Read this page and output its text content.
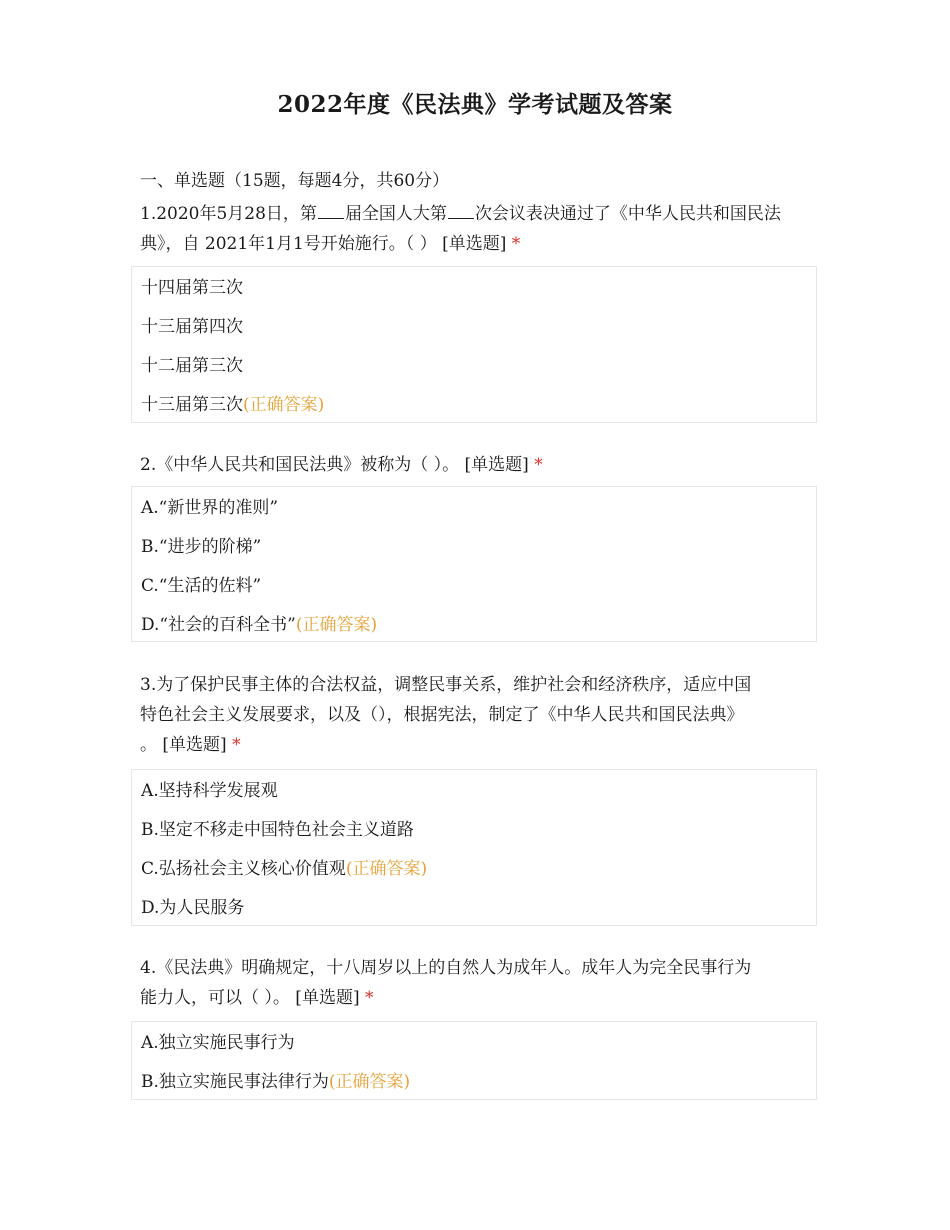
2022年度《民法典》学考试题及答案
一、单选题（15题，每题4分，共60分）
1.2020年5月28日，第 届全国人大第 次会议表决通过了《中华人民共和国民法典》，自 2021年1月1号开始施行。（ ） [单选题] *
十四届第三次
十三届第四次
十二届第三次
十三届第三次(正确答案)
2.《中华人民共和国民法典》被称为（ ）。 [单选题] *
A.“新世界的准则”
B.“进步的阶梯”
C.“生活的佐料”
D.“社会的百科全书”(正确答案)
3.为了保护民事主体的合法权益，调整民事关系，维护社会和经济秩序，适应中国
特色社会主义发展要求，以及（），根据宪法，制定了《中华人民共和国民法典》
。 [单选题] *
A.坚持科学发展观
B.坚定不移走中国特色社会主义道路
C.弘扬社会主义核心价值观(正确答案)
D.为人民服务
4.《民法典》明确规定，十八周岁以上的自然人为成年人。成年人为完全民事行为
能力人，可以（ ）。 [单选题] *
A.独立实施民事行为
B.独立实施民事法律行为(正确答案)
